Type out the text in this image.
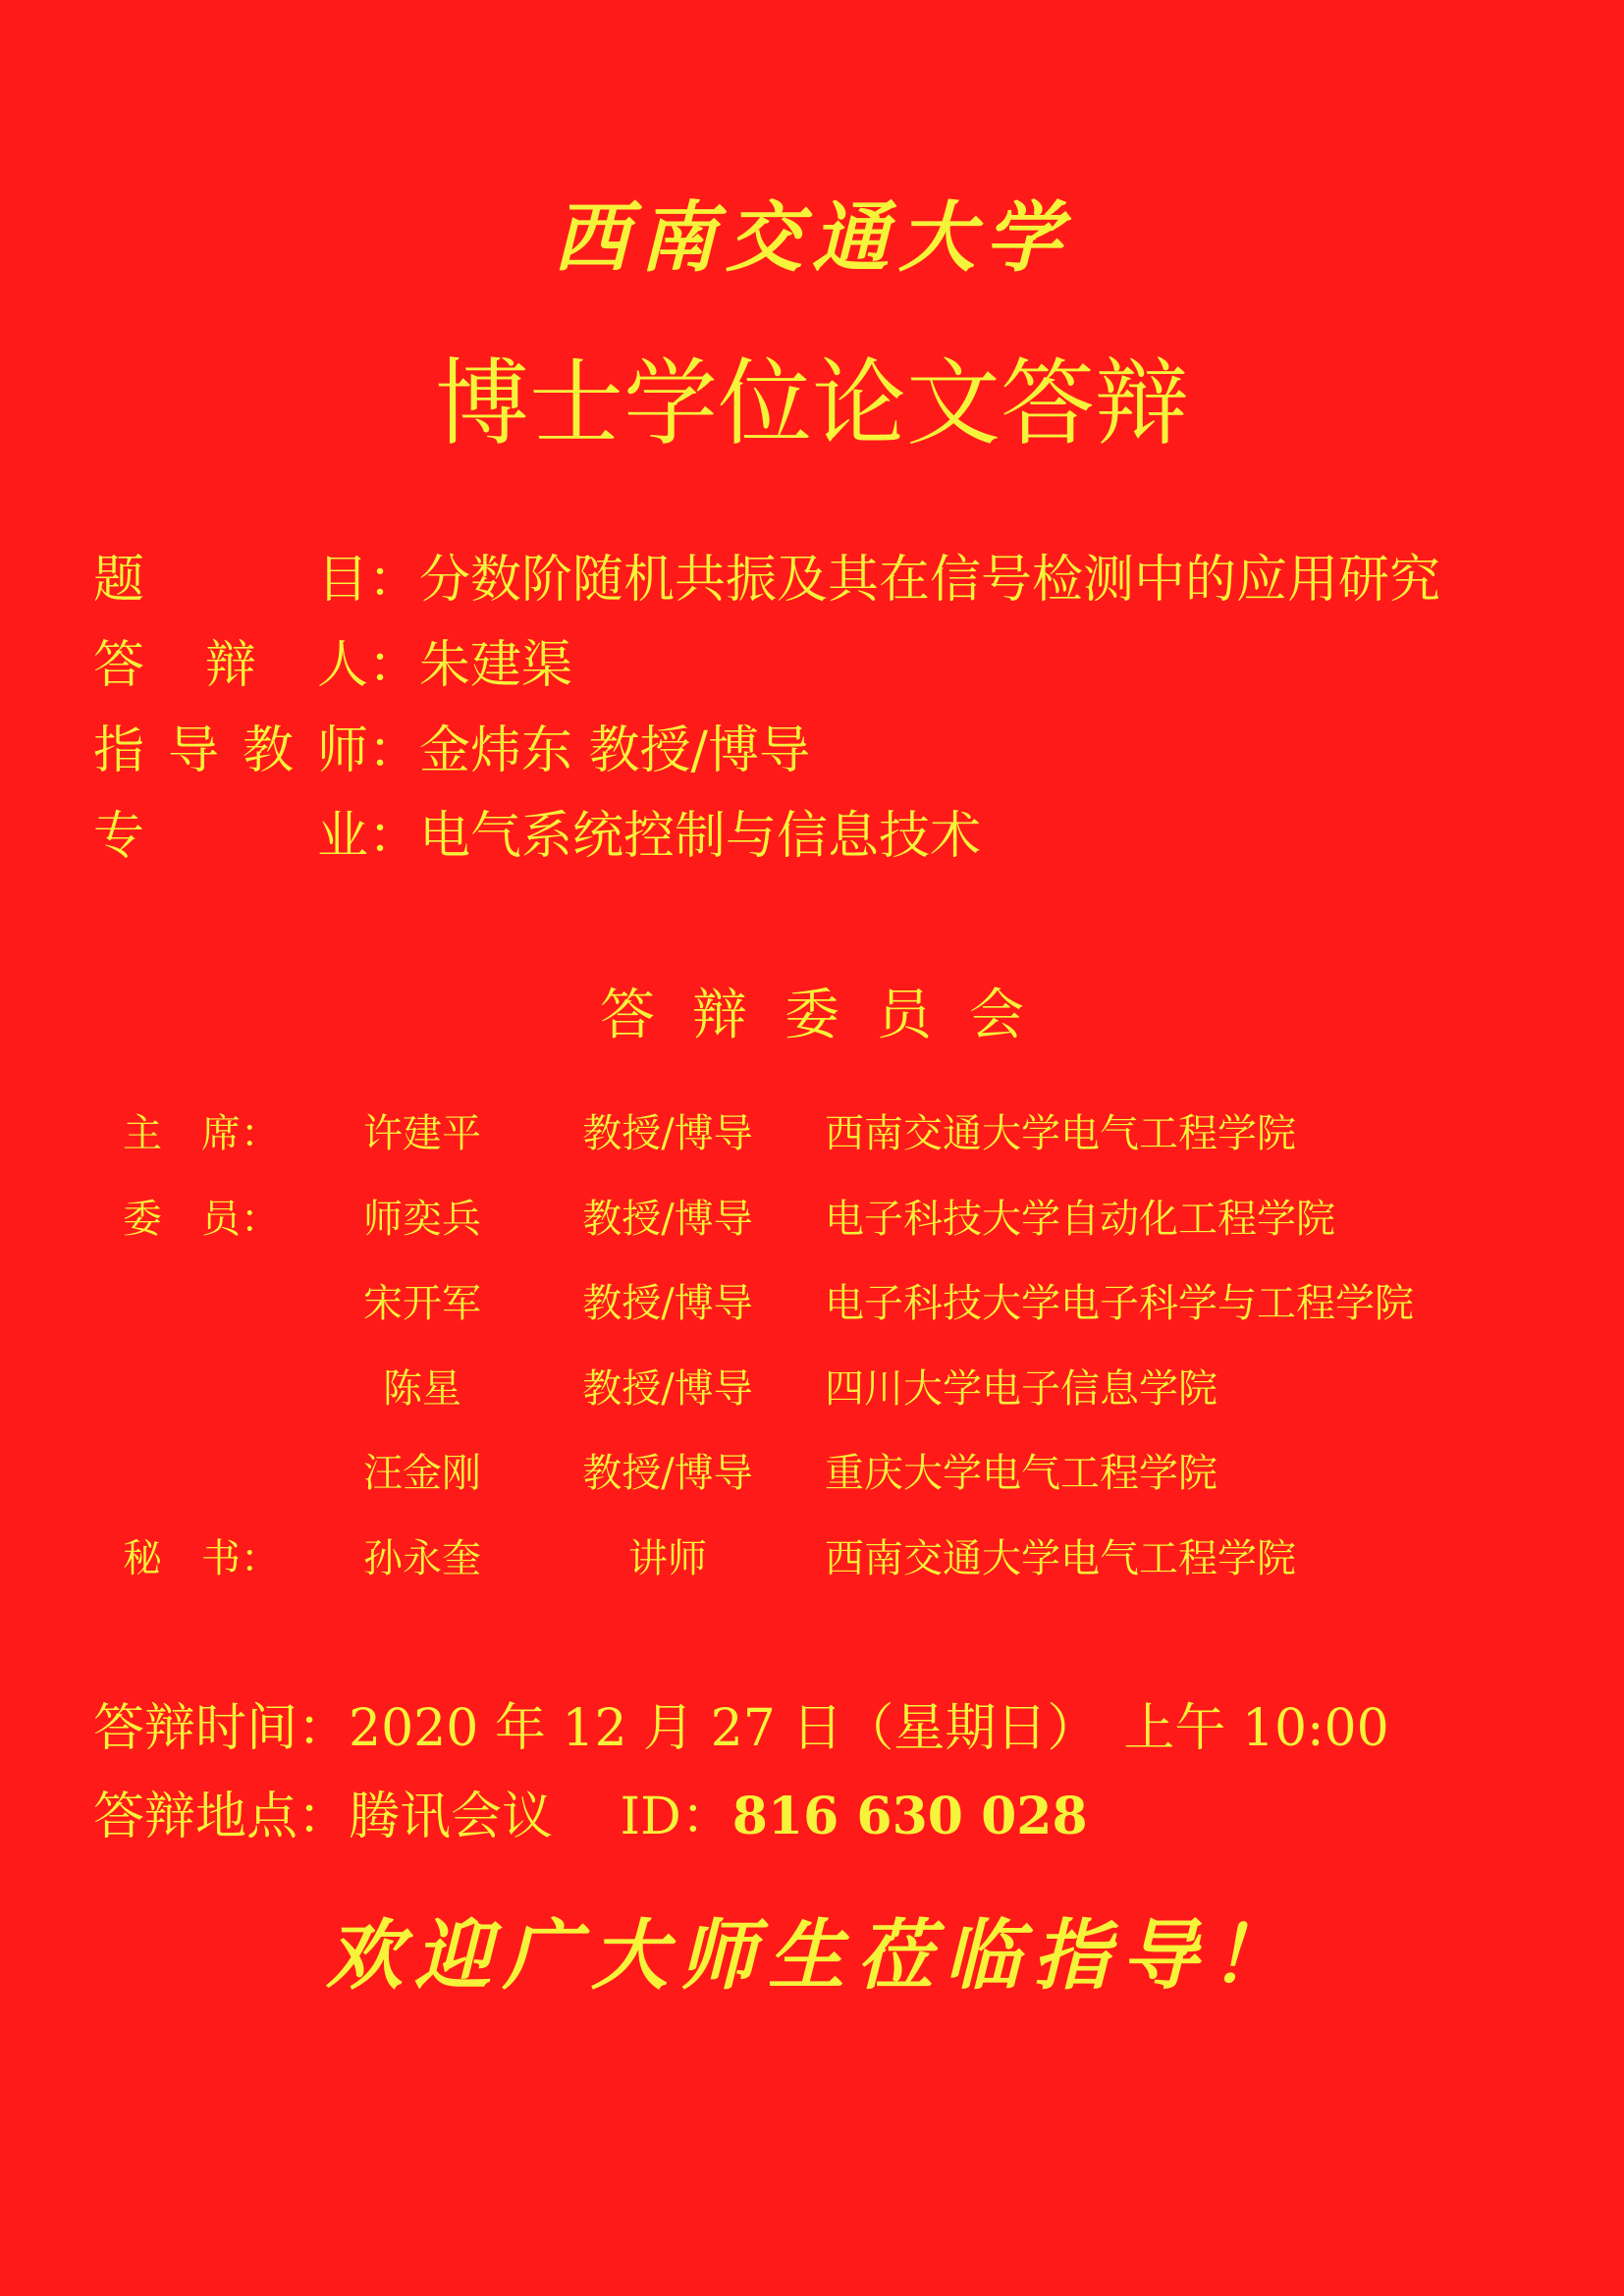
西南交通大学
博士学位论文答辩
题目：分数阶随机共振及其在信号检测中的应用研究
答辩人：朱建渠
指导教师：金炜东 教授/博导
专业：电气系统控制与信息技术
答辩委员会
主　席：	许建平	教授/博导	西南交通大学电气工程学院
委　员：	师奕兵	教授/博导	电子科技大学自动化工程学院
宋开军	教授/博导	电子科技大学电子科学与工程学院
陈星	教授/博导	四川大学电子信息学院
汪金刚	教授/博导	重庆大学电气工程学院
秘　书：	孙永奎	讲师	西南交通大学电气工程学院
答辩时间：2020 年 12 月 27 日（星期日）　上午 10:00
答辩地点：腾讯会议　 ID：816 630 028
欢迎广大师生莅临指导！
